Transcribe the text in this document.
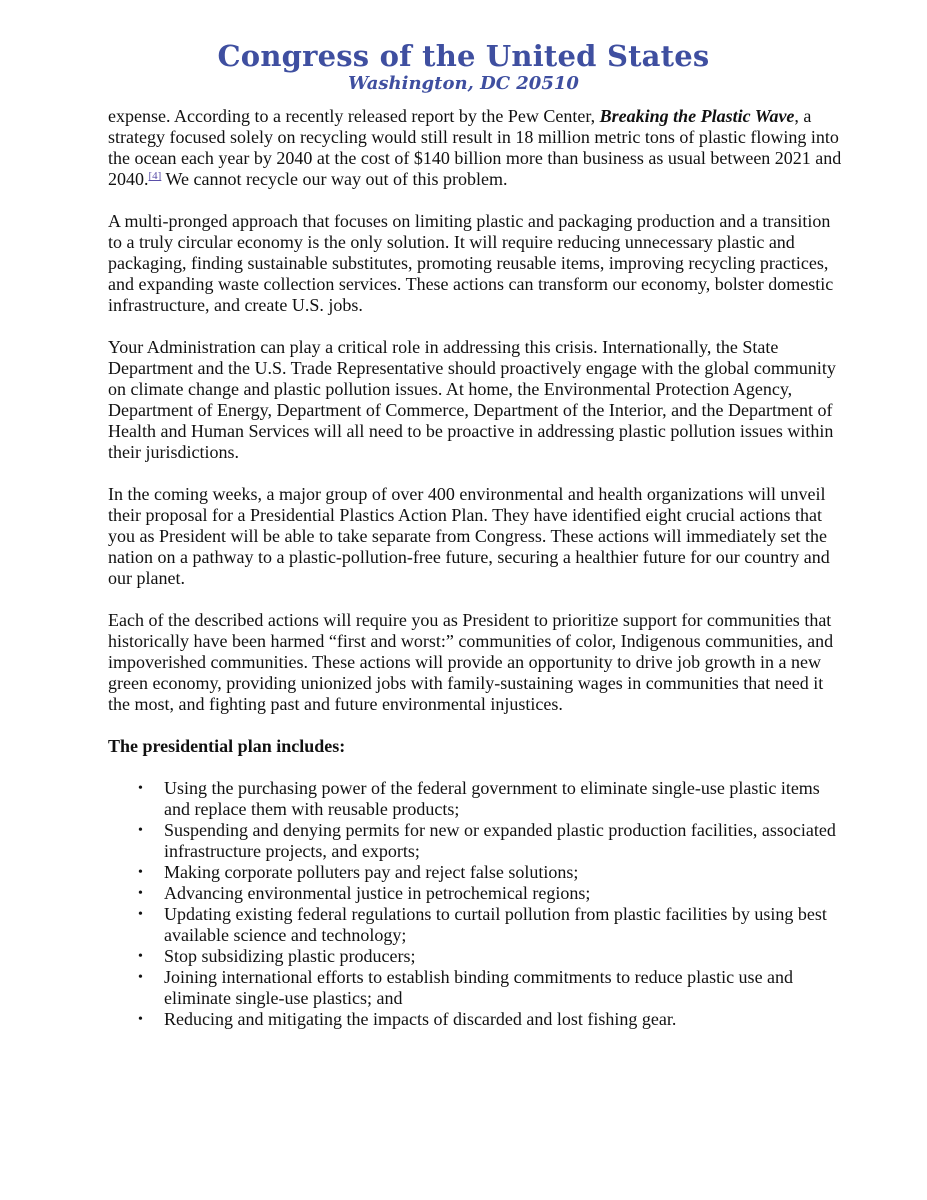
Congress of the United States
Washington, DC 20510

expense. According to a recently released report by the Pew Center, Breaking the Plastic Wave, a strategy focused solely on recycling would still result in 18 million metric tons of plastic flowing into the ocean each year by 2040 at the cost of $140 billion more than business as usual between 2021 and 2040.[4] We cannot recycle our way out of this problem.

A multi-pronged approach that focuses on limiting plastic and packaging production and a transition to a truly circular economy is the only solution. It will require reducing unnecessary plastic and packaging, finding sustainable substitutes, promoting reusable items, improving recycling practices, and expanding waste collection services. These actions can transform our economy, bolster domestic infrastructure, and create U.S. jobs.

Your Administration can play a critical role in addressing this crisis. Internationally, the State Department and the U.S. Trade Representative should proactively engage with the global community on climate change and plastic pollution issues. At home, the Environmental Protection Agency, Department of Energy, Department of Commerce, Department of the Interior, and the Department of Health and Human Services will all need to be proactive in addressing plastic pollution issues within their jurisdictions.

In the coming weeks, a major group of over 400 environmental and health organizations will unveil their proposal for a Presidential Plastics Action Plan. They have identified eight crucial actions that you as President will be able to take separate from Congress. These actions will immediately set the nation on a pathway to a plastic-pollution-free future, securing a healthier future for our country and our planet.

Each of the described actions will require you as President to prioritize support for communities that historically have been harmed “first and worst:” communities of color, Indigenous communities, and impoverished communities. These actions will provide an opportunity to drive job growth in a new green economy, providing unionized jobs with family-sustaining wages in communities that need it the most, and fighting past and future environmental injustices.

The presidential plan includes:
• Using the purchasing power of the federal government to eliminate single-use plastic items and replace them with reusable products;
• Suspending and denying permits for new or expanded plastic production facilities, associated infrastructure projects, and exports;
• Making corporate polluters pay and reject false solutions;
• Advancing environmental justice in petrochemical regions;
• Updating existing federal regulations to curtail pollution from plastic facilities by using best available science and technology;
• Stop subsidizing plastic producers;
• Joining international efforts to establish binding commitments to reduce plastic use and eliminate single-use plastics; and
• Reducing and mitigating the impacts of discarded and lost fishing gear.
